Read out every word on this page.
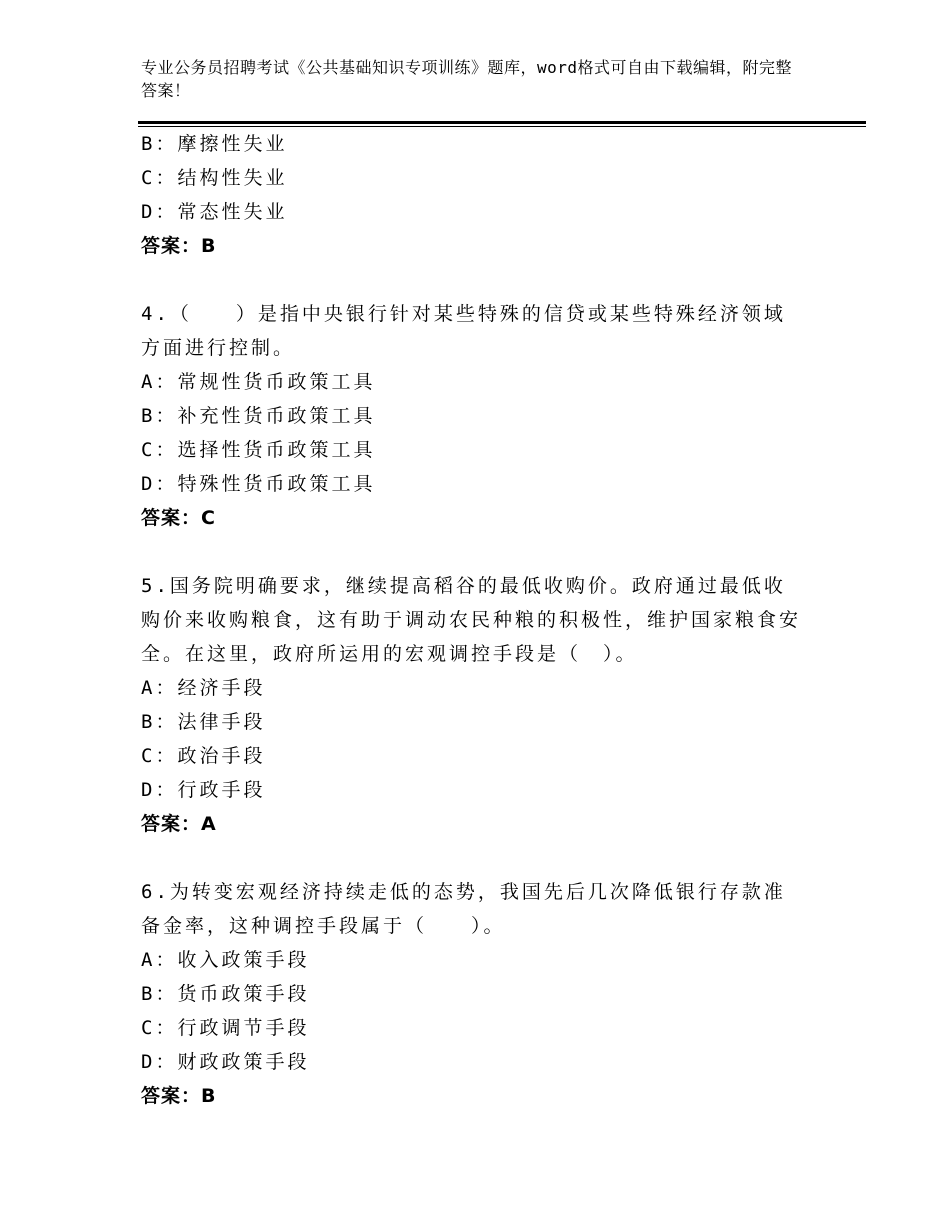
专业公务员招聘考试《公共基础知识专项训练》题库，word格式可自由下载编辑，附完整答案！
B：摩擦性失业
C：结构性失业
D：常态性失业
答案：B
4.（　　）是指中央银行针对某些特殊的信贷或某些特殊经济领域方面进行控制。
A：常规性货币政策工具
B：补充性货币政策工具
C：选择性货币政策工具
D：特殊性货币政策工具
答案：C
5.国务院明确要求，继续提高稻谷的最低收购价。政府通过最低收购价来收购粮食，这有助于调动农民种粮的积极性，维护国家粮食安全。在这里，政府所运用的宏观调控手段是（　）。
A：经济手段
B：法律手段
C：政治手段
D：行政手段
答案：A
6.为转变宏观经济持续走低的态势，我国先后几次降低银行存款准备金率，这种调控手段属于（　　）。
A：收入政策手段
B：货币政策手段
C：行政调节手段
D：财政政策手段
答案：B
